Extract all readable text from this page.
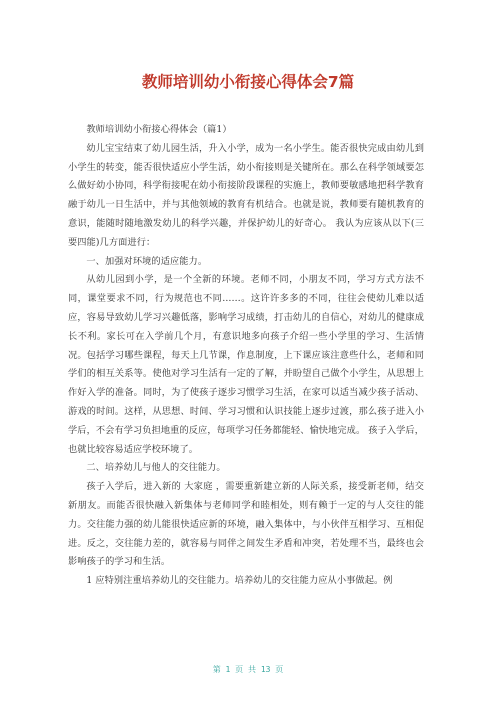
教师培训幼小衔接心得体会7篇

教师培训幼小衔接心得体会（篇1）

幼儿宝宝结束了幼儿园生活，升入小学，成为一名小学生。能否很快完成由幼儿到小学生的转变，能否很快适应小学生活，幼小衔接则是关键所在。那么在科学领域要怎么做好幼小协同，科学衔接呢在幼小衔接阶段课程的实施上，教师要敏感地把科学教育融于幼儿一日生活中，并与其他领域的教育有机结合。也就是说，教师要有随机教育的意识，能随时随地激发幼儿的科学兴趣，并保护幼儿的好奇心。 我认为应该从以下(三要四能)几方面进行：

一、加强对环境的适应能力。

从幼儿园到小学，是一个全新的环境。老师不同，小朋友不同，学习方式方法不同，课堂要求不同，行为规范也不同……。这许许多多的不同，往往会使幼儿难以适应，容易导致幼儿学习兴趣低落，影响学习成绩，打击幼儿的自信心，对幼儿的健康成长不利。家长可在入学前几个月，有意识地多向孩子介绍一些小学里的学习、生活情况。包括学习哪些课程，每天上几节课，作息制度，上下课应该注意些什么，老师和同学们的相互关系等。使他对学习生活有一定的了解，并盼望自己做个小学生，从思想上作好入学的准备。同时，为了使孩子逐步习惯学习生活，在家可以适当减少孩子活动、游戏的时间。这样，从思想、时间、学习习惯和认识技能上逐步过渡，那么孩子进入小学后，不会有学习负担地重的反应，每项学习任务都能轻、愉快地完成。 孩子入学后，也就比较容易适应学校环境了。

二、培养幼儿与他人的交往能力。

孩子入学后，进入新的 大家庭 ，需要重新建立新的人际关系，接受新老师，结交新朋友。而能否很快融入新集体与老师同学和睦相处，则有赖于一定的与人交往的能力。交往能力强的幼儿能很快适应新的环境，融入集体中，与小伙伴互相学习、互相促进。反之，交往能力差的，就容易与同伴之间发生矛盾和冲突，若处理不当，最终也会影响孩子的学习和生活。

1 应特别注重培养幼儿的交往能力。培养幼儿的交往能力应从小事做起。例

第 1 页 共 13 页
